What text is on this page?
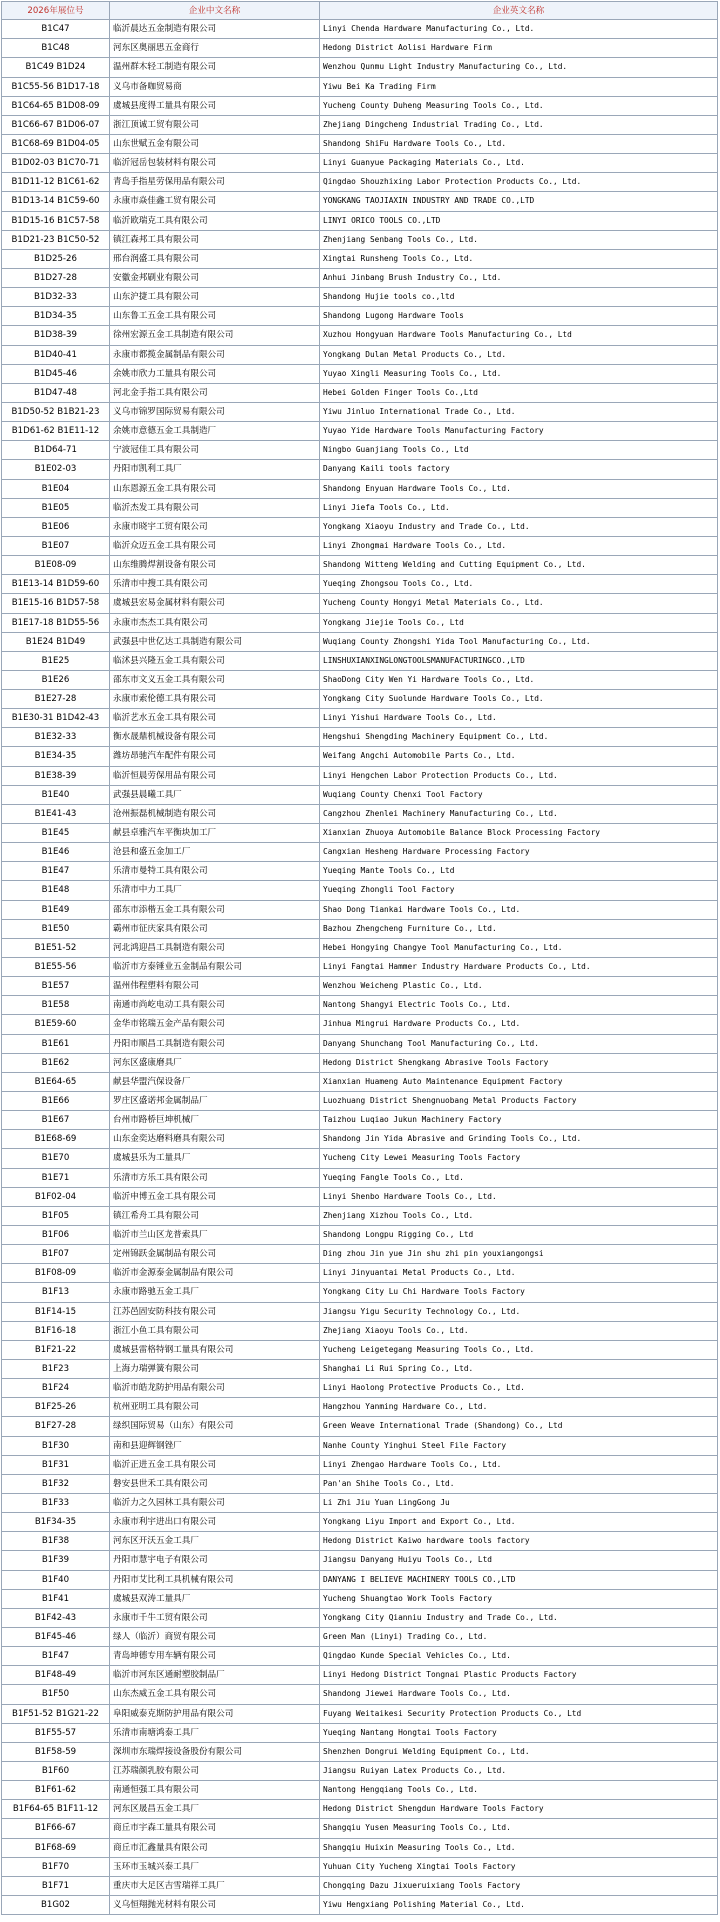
2026年展位号	企业中文名称	企业英文名称
B1C47	临沂晨达五金制造有限公司	Linyi Chenda Hardware Manufacturing Co., Ltd.
B1C48	河东区奥丽思五金商行	Hedong District Aolisi Hardware Firm
B1C49 B1D24	温州群木轻工制造有限公司	Wenzhou Qunmu Light Industry Manufacturing Co., Ltd.
B1C55-56 B1D17-18	义乌市备咖贸易商	Yiwu Bei Ka Trading Firm
B1C64-65 B1D08-09	虞城县度得工量具有限公司	Yucheng County Duheng Measuring Tools Co., Ltd.
B1C66-67 B1D06-07	浙江顶诚工贸有限公司	Zhejiang Dingcheng Industrial Trading Co., Ltd.
B1C68-69 B1D04-05	山东世赋五金有限公司	Shandong ShiFu Hardware Tools Co., Ltd.
B1D02-03 B1C70-71	临沂冠岳包装材料有限公司	Linyi Guanyue Packaging Materials Co., Ltd.
B1D11-12 B1C61-62	青岛手指星劳保用品有限公司	Qingdao Shouzhixing Labor Protection Products Co., Ltd.
B1D13-14 B1C59-60	永康市焱佳鑫工贸有限公司	YONGKANG TAOJIAXIN INDUSTRY AND TRADE CO.,LTD
B1D15-16 B1C57-58	临沂欧瑞克工具有限公司	LINYI ORICO TOOLS CO.,LTD
B1D21-23 B1C50-52	镇江森邦工具有限公司	Zhenjiang Senbang Tools Co., Ltd.
B1D25-26	邢台润盛工具有限公司	Xingtai Runsheng Tools Co., Ltd.
B1D27-28	安徽金邦刷业有限公司	Anhui Jinbang Brush Industry Co., Ltd.
B1D32-33	山东沪捷工具有限公司	Shandong Hujie tools co.,ltd
B1D34-35	山东鲁工五金工具有限公司	Shandong Lugong Hardware Tools
B1D38-39	徐州宏源五金工具制造有限公司	Xuzhou Hongyuan Hardware Tools Manufacturing Co., Ltd
B1D40-41	永康市都揽金属制品有限公司	Yongkang Dulan Metal Products Co., Ltd.
B1D45-46	余姚市欣力工量具有限公司	Yuyao Xingli Measuring Tools Co., Ltd.
B1D47-48	河北金手指工具有限公司	Hebei Golden Finger Tools Co.,Ltd
B1D50-52 B1B21-23	义乌市锦罗国际贸易有限公司	Yiwu Jinluo International Trade Co., Ltd.
B1D61-62 B1E11-12	余姚市意德五金工具制造厂	Yuyao Yide Hardware Tools Manufacturing Factory
B1D64-71	宁波冠佳工具有限公司	Ningbo Guanjiang Tools Co., Ltd
B1E02-03	丹阳市凯利工具厂	Danyang Kaili tools factory
B1E04	山东恩源五金工具有限公司	Shandong Enyuan Hardware Tools Co., Ltd.
B1E05	临沂杰发工具有限公司	Linyi Jiefa Tools Co., Ltd.
B1E06	永康市晓宇工贸有限公司	Yongkang Xiaoyu Industry and Trade Co., Ltd.
B1E07	临沂众迈五金工具有限公司	Linyi Zhongmai Hardware Tools Co., Ltd.
B1E08-09	山东维腾焊割设备有限公司	Shandong Witteng Welding and Cutting Equipment Co., Ltd.
B1E13-14 B1D59-60	乐清市中搜工具有限公司	Yueqing Zhongsou Tools Co., Ltd.
B1E15-16 B1D57-58	虞城县宏易金属材料有限公司	Yucheng County Hongyi Metal Materials Co., Ltd.
B1E17-18 B1D55-56	永康市杰杰工具有限公司	Yongkang Jiejie Tools Co., Ltd
B1E24 B1D49	武强县中世亿达工具制造有限公司	Wuqiang County Zhongshi Yida Tool Manufacturing Co., Ltd.
B1E25	临沭县兴隆五金工具有限公司	LINSHUXIANXINGLONGTOOLSMANUFACTURINGCO.,LTD
B1E26	邵东市文义五金工具有限公司	ShaoDong City Wen Yi Hardware Tools Co., Ltd.
B1E27-28	永康市索伦德工具有限公司	Yongkang City Suolunde Hardware Tools Co., Ltd.
B1E30-31 B1D42-43	临沂艺水五金工具有限公司	Linyi Yishui Hardware Tools Co., Ltd.
B1E32-33	衡水晟鼎机械设备有限公司	Hengshui Shengding Machinery Equipment Co., Ltd.
B1E34-35	潍坊昂驰汽车配件有限公司	Weifang Angchi Automobile Parts Co., Ltd.
B1E38-39	临沂恒晨劳保用品有限公司	Linyi Hengchen Labor Protection Products Co., Ltd.
B1E40	武强县晨曦工具厂	Wuqiang County Chenxi Tool Factory
B1E41-43	沧州振磊机械制造有限公司	Cangzhou Zhenlei Machinery Manufacturing Co., Ltd.
B1E45	献县卓雅汽车平衡块加工厂	Xianxian Zhuoya Automobile Balance Block Processing Factory
B1E46	沧县和盛五金加工厂	Cangxian Hesheng Hardware Processing Factory
B1E47	乐清市曼特工具有限公司	Yueqing Mante Tools Co., Ltd
B1E48	乐清市中力工具厂	Yueqing Zhongli Tool Factory
B1E49	邵东市添楷五金工具有限公司	Shao Dong Tiankai Hardware Tools Co., Ltd.
B1E50	霸州市征庆家具有限公司	Bazhou Zhengcheng Furniture Co., Ltd.
B1E51-52	河北鸿迎昌工具制造有限公司	Hebei Hongying Changye Tool Manufacturing Co., Ltd.
B1E55-56	临沂市方泰锤业五金制品有限公司	Linyi Fangtai Hammer Industry Hardware Products Co., Ltd.
B1E57	温州伟程塑料有限公司	Wenzhou Weicheng Plastic Co., Ltd.
B1E58	南通市尚屹电动工具有限公司	Nantong Shangyi Electric Tools Co., Ltd.
B1E59-60	金华市铭瑞五金产品有限公司	Jinhua Mingrui Hardware Products Co., Ltd.
B1E61	丹阳市顺昌工具制造有限公司	Danyang Shunchang Tool Manufacturing Co., Ltd.
B1E62	河东区盛康磨具厂	Hedong District Shengkang Abrasive Tools Factory
B1E64-65	献县华盟汽保设备厂	Xianxian Huameng Auto Maintenance Equipment Factory
B1E66	罗庄区盛诺邦金属制品厂	Luozhuang District Shengnuobang Metal Products Factory
B1E67	台州市路桥巨坤机械厂	Taizhou Luqiao Jukun Machinery Factory
B1E68-69	山东金奕达磨料磨具有限公司	Shandong Jin Yida Abrasive and Grinding Tools Co., Ltd.
B1E70	虞城县乐为工量具厂	Yucheng City Lewei Measuring Tools Factory
B1E71	乐清市方乐工具有限公司	Yueqing Fangle Tools Co., Ltd.
B1F02-04	临沂申博五金工具有限公司	Linyi Shenbo Hardware Tools Co., Ltd.
B1F05	镇江希舟工具有限公司	Zhenjiang Xizhou Tools Co., Ltd.
B1F06	临沂市兰山区龙普索具厂	Shandong Longpu Rigging Co., Ltd
B1F07	定州锦跃金属制品有限公司	Ding zhou Jin yue Jin shu zhi pin youxiangongsi
B1F08-09	临沂市金源泰金属制品有限公司	Linyi Jinyuantai Metal Products Co., Ltd.
B1F13	永康市路驰五金工具厂	Yongkang City Lu Chi Hardware Tools Factory
B1F14-15	江苏邑固安防科技有限公司	Jiangsu Yigu Security Technology Co., Ltd.
B1F16-18	浙江小鱼工具有限公司	Zhejiang Xiaoyu Tools Co., Ltd.
B1F21-22	虞城县雷格特钢工量具有限公司	Yucheng Leigetegang Measuring Tools Co., Ltd.
B1F23	上海力瑞弹簧有限公司	Shanghai Li Rui Spring Co., Ltd.
B1F24	临沂市皓龙防护用品有限公司	Linyi Haolong Protective Products Co., Ltd.
B1F25-26	杭州亚明工具有限公司	Hangzhou Yanming Hardware Co., Ltd.
B1F27-28	绿织国际贸易（山东）有限公司	Green Weave International Trade (Shandong) Co., Ltd
B1F30	南和县迎辉钢锉厂	Nanhe County Yinghui Steel File Factory
B1F31	临沂正进五金工具有限公司	Linyi Zhengao Hardware Tools Co., Ltd.
B1F32	磐安县世禾工具有限公司	Pan'an Shihe Tools Co., Ltd.
B1F33	临沂力之久园林工具有限公司	Li Zhi Jiu Yuan LingGong Ju
B1F34-35	永康市利宇进出口有限公司	Yongkang Liyu Import and Export Co., Ltd.
B1F38	河东区开沃五金工具厂	Hedong District Kaiwo hardware tools factory
B1F39	丹阳市慧宇电子有限公司	Jiangsu Danyang Huiyu Tools Co., Ltd
B1F40	丹阳市艾比利工具机械有限公司	DANYANG I BELIEVE MACHINERY TOOLS CO.,LTD
B1F41	虞城县双涛工量具厂	Yucheng Shuangtao Work Tools Factory
B1F42-43	永康市千牛工贸有限公司	Yongkang City Qianniu Industry and Trade Co., Ltd.
B1F45-46	绿人（临沂）商贸有限公司	Green Man (Linyi) Trading Co., Ltd.
B1F47	青岛坤德专用车辆有限公司	Qingdao Kunde Special Vehicles Co., Ltd.
B1F48-49	临沂市河东区通耐塑胶制品厂	Linyi Hedong District Tongnai Plastic Products Factory
B1F50	山东杰威五金工具有限公司	Shandong Jiewei Hardware Tools Co., Ltd.
B1F51-52 B1G21-22	阜阳威泰克斯防护用品有限公司	Fuyang Weitaikesi Security Protection Products Co., Ltd
B1F55-57	乐清市南塘鸿泰工具厂	Yueqing Nantang Hongtai Tools Factory
B1F58-59	深圳市东瑞焊接设备股份有限公司	Shenzhen Dongrui Welding Equipment Co., Ltd.
B1F60	江苏瑞颜乳胶有限公司	Jiangsu Ruiyan Latex Products Co., Ltd.
B1F61-62	南通恒强工具有限公司	Nantong Hengqiang Tools Co., Ltd.
B1F64-65 B1F11-12	河东区晟昌五金工具厂	Hedong District Shengdun Hardware Tools Factory
B1F66-67	商丘市宇森工量具有限公司	Shangqiu Yusen Measuring Tools Co., Ltd.
B1F68-69	商丘市汇鑫量具有限公司	Shangqiu Huixin Measuring Tools Co., Ltd.
B1F70	玉环市玉城兴泰工具厂	Yuhuan City Yucheng Xingtai Tools Factory
B1F71	重庆市大足区吉雪瑞祥工具厂	Chongqing Dazu Jixueruixiang Tools Factory
B1G02	义乌恒翔抛光材料有限公司	Yiwu Hengxiang Polishing Material Co., Ltd.
